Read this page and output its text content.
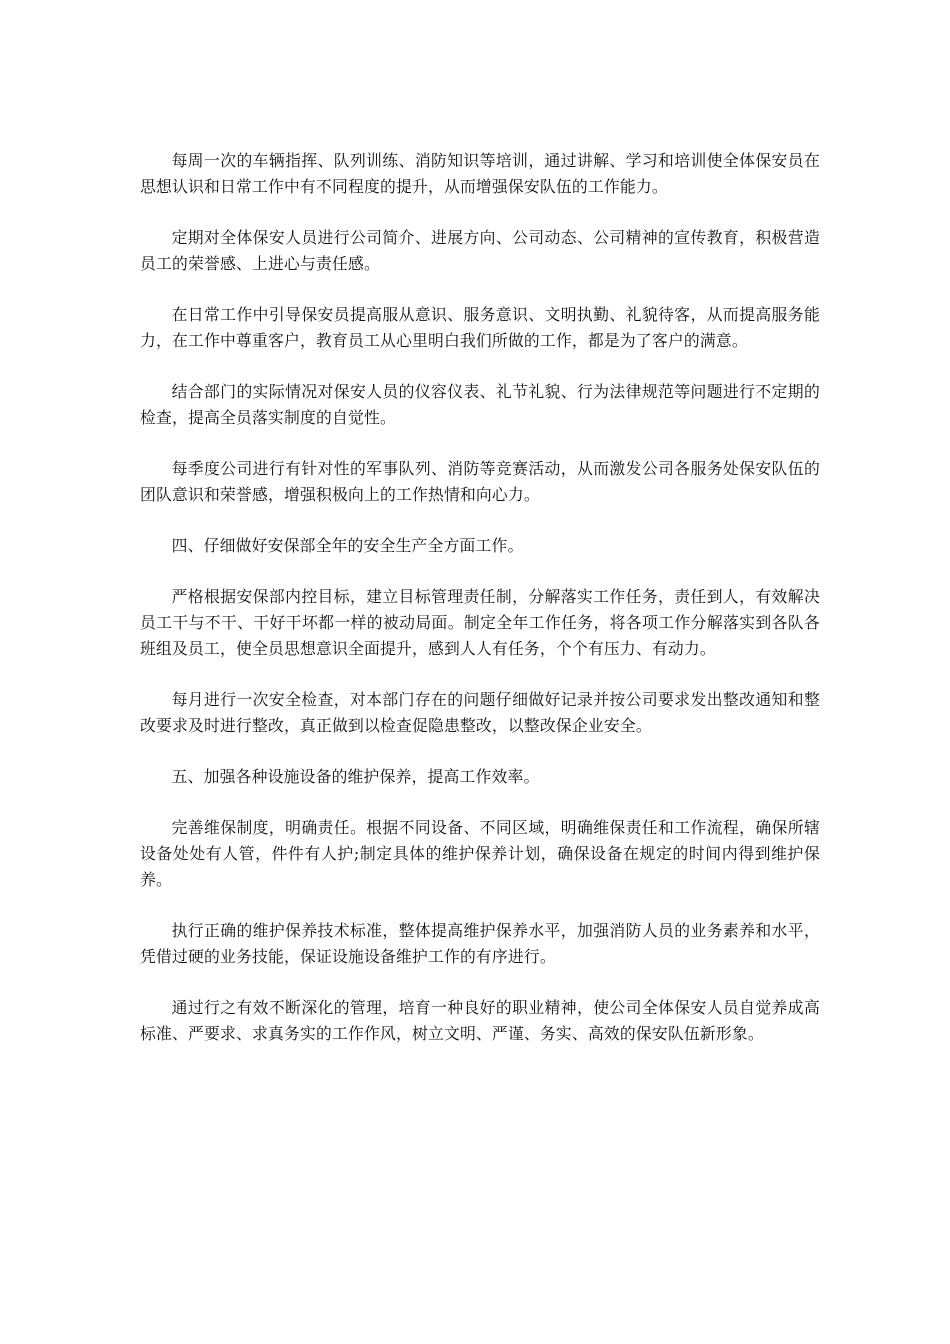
每周一次的车辆指挥、队列训练、消防知识等培训，通过讲解、学习和培训使全体保安员在思想认识和日常工作中有不同程度的提升，从而增强保安队伍的工作能力。

定期对全体保安人员进行公司简介、进展方向、公司动态、公司精神的宣传教育，积极营造员工的荣誉感、上进心与责任感。

在日常工作中引导保安员提高服从意识、服务意识、文明执勤、礼貌待客，从而提高服务能力，在工作中尊重客户，教育员工从心里明白我们所做的工作，都是为了客户的满意。

结合部门的实际情况对保安人员的仪容仪表、礼节礼貌、行为法律规范等问题进行不定期的检查，提高全员落实制度的自觉性。

每季度公司进行有针对性的军事队列、消防等竞赛活动，从而激发公司各服务处保安队伍的团队意识和荣誉感，增强积极向上的工作热情和向心力。

四、仔细做好安保部全年的安全生产全方面工作。

严格根据安保部内控目标，建立目标管理责任制，分解落实工作任务，责任到人，有效解决员工干与不干、干好干坏都一样的被动局面。制定全年工作任务，将各项工作分解落实到各队各班组及员工，使全员思想意识全面提升，感到人人有任务，个个有压力、有动力。

每月进行一次安全检查，对本部门存在的问题仔细做好记录并按公司要求发出整改通知和整改要求及时进行整改，真正做到以检查促隐患整改，以整改保企业安全。

五、加强各种设施设备的维护保养，提高工作效率。

完善维保制度，明确责任。根据不同设备、不同区域，明确维保责任和工作流程，确保所辖设备处处有人管，件件有人护;制定具体的维护保养计划，确保设备在规定的时间内得到维护保养。

执行正确的维护保养技术标准，整体提高维护保养水平，加强消防人员的业务素养和水平，凭借过硬的业务技能，保证设施设备维护工作的有序进行。

通过行之有效不断深化的管理，培育一种良好的职业精神，使公司全体保安人员自觉养成高标准、严要求、求真务实的工作作风，树立文明、严谨、务实、高效的保安队伍新形象。
